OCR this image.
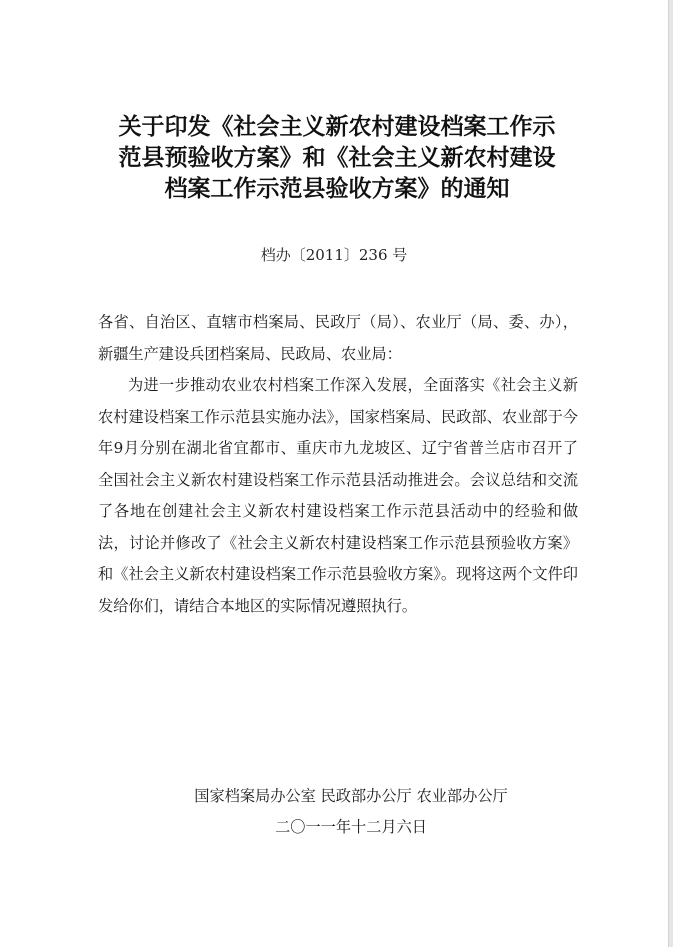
关于印发《社会主义新农村建设档案工作示
范县预验收方案》和《社会主义新农村建设
档案工作示范县验收方案》的通知
档办〔2011〕236 号
各省、自治区、直辖市档案局、民政厅（局）、农业厅（局、委、办），新疆生产建设兵团档案局、民政局、农业局：
为进一步推动农业农村档案工作深入发展，全面落实《社会主义新农村建设档案工作示范县实施办法》，国家档案局、民政部、农业部于今年9月分别在湖北省宜都市、重庆市九龙坡区、辽宁省普兰店市召开了全国社会主义新农村建设档案工作示范县活动推进会。会议总结和交流了各地在创建社会主义新农村建设档案工作示范县活动中的经验和做法，讨论并修改了《社会主义新农村建设档案工作示范县预验收方案》和《社会主义新农村建设档案工作示范县验收方案》。现将这两个文件印发给你们，请结合本地区的实际情况遵照执行。
国家档案局办公室 民政部办公厅 农业部办公厅
二〇一一年十二月六日
